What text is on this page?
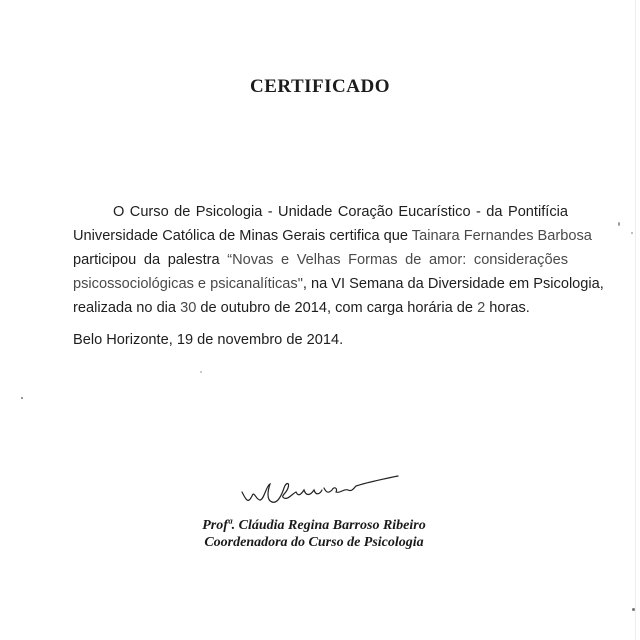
CERTIFICADO
O Curso de Psicologia - Unidade Coração Eucarístico - da Pontifícia
Universidade Católica de Minas Gerais certifica que Tainara Fernandes Barbosa
participou da palestra “Novas e Velhas Formas de amor: considerações
psicossociológicas e psicanalíticas", na VI Semana da Diversidade em Psicologia,
realizada no dia 30 de outubro de 2014, com carga horária de 2 horas.
Belo Horizonte, 19 de novembro de 2014.
Profª. Cláudia Regina Barroso Ribeiro
Coordenadora do Curso de Psicologia
